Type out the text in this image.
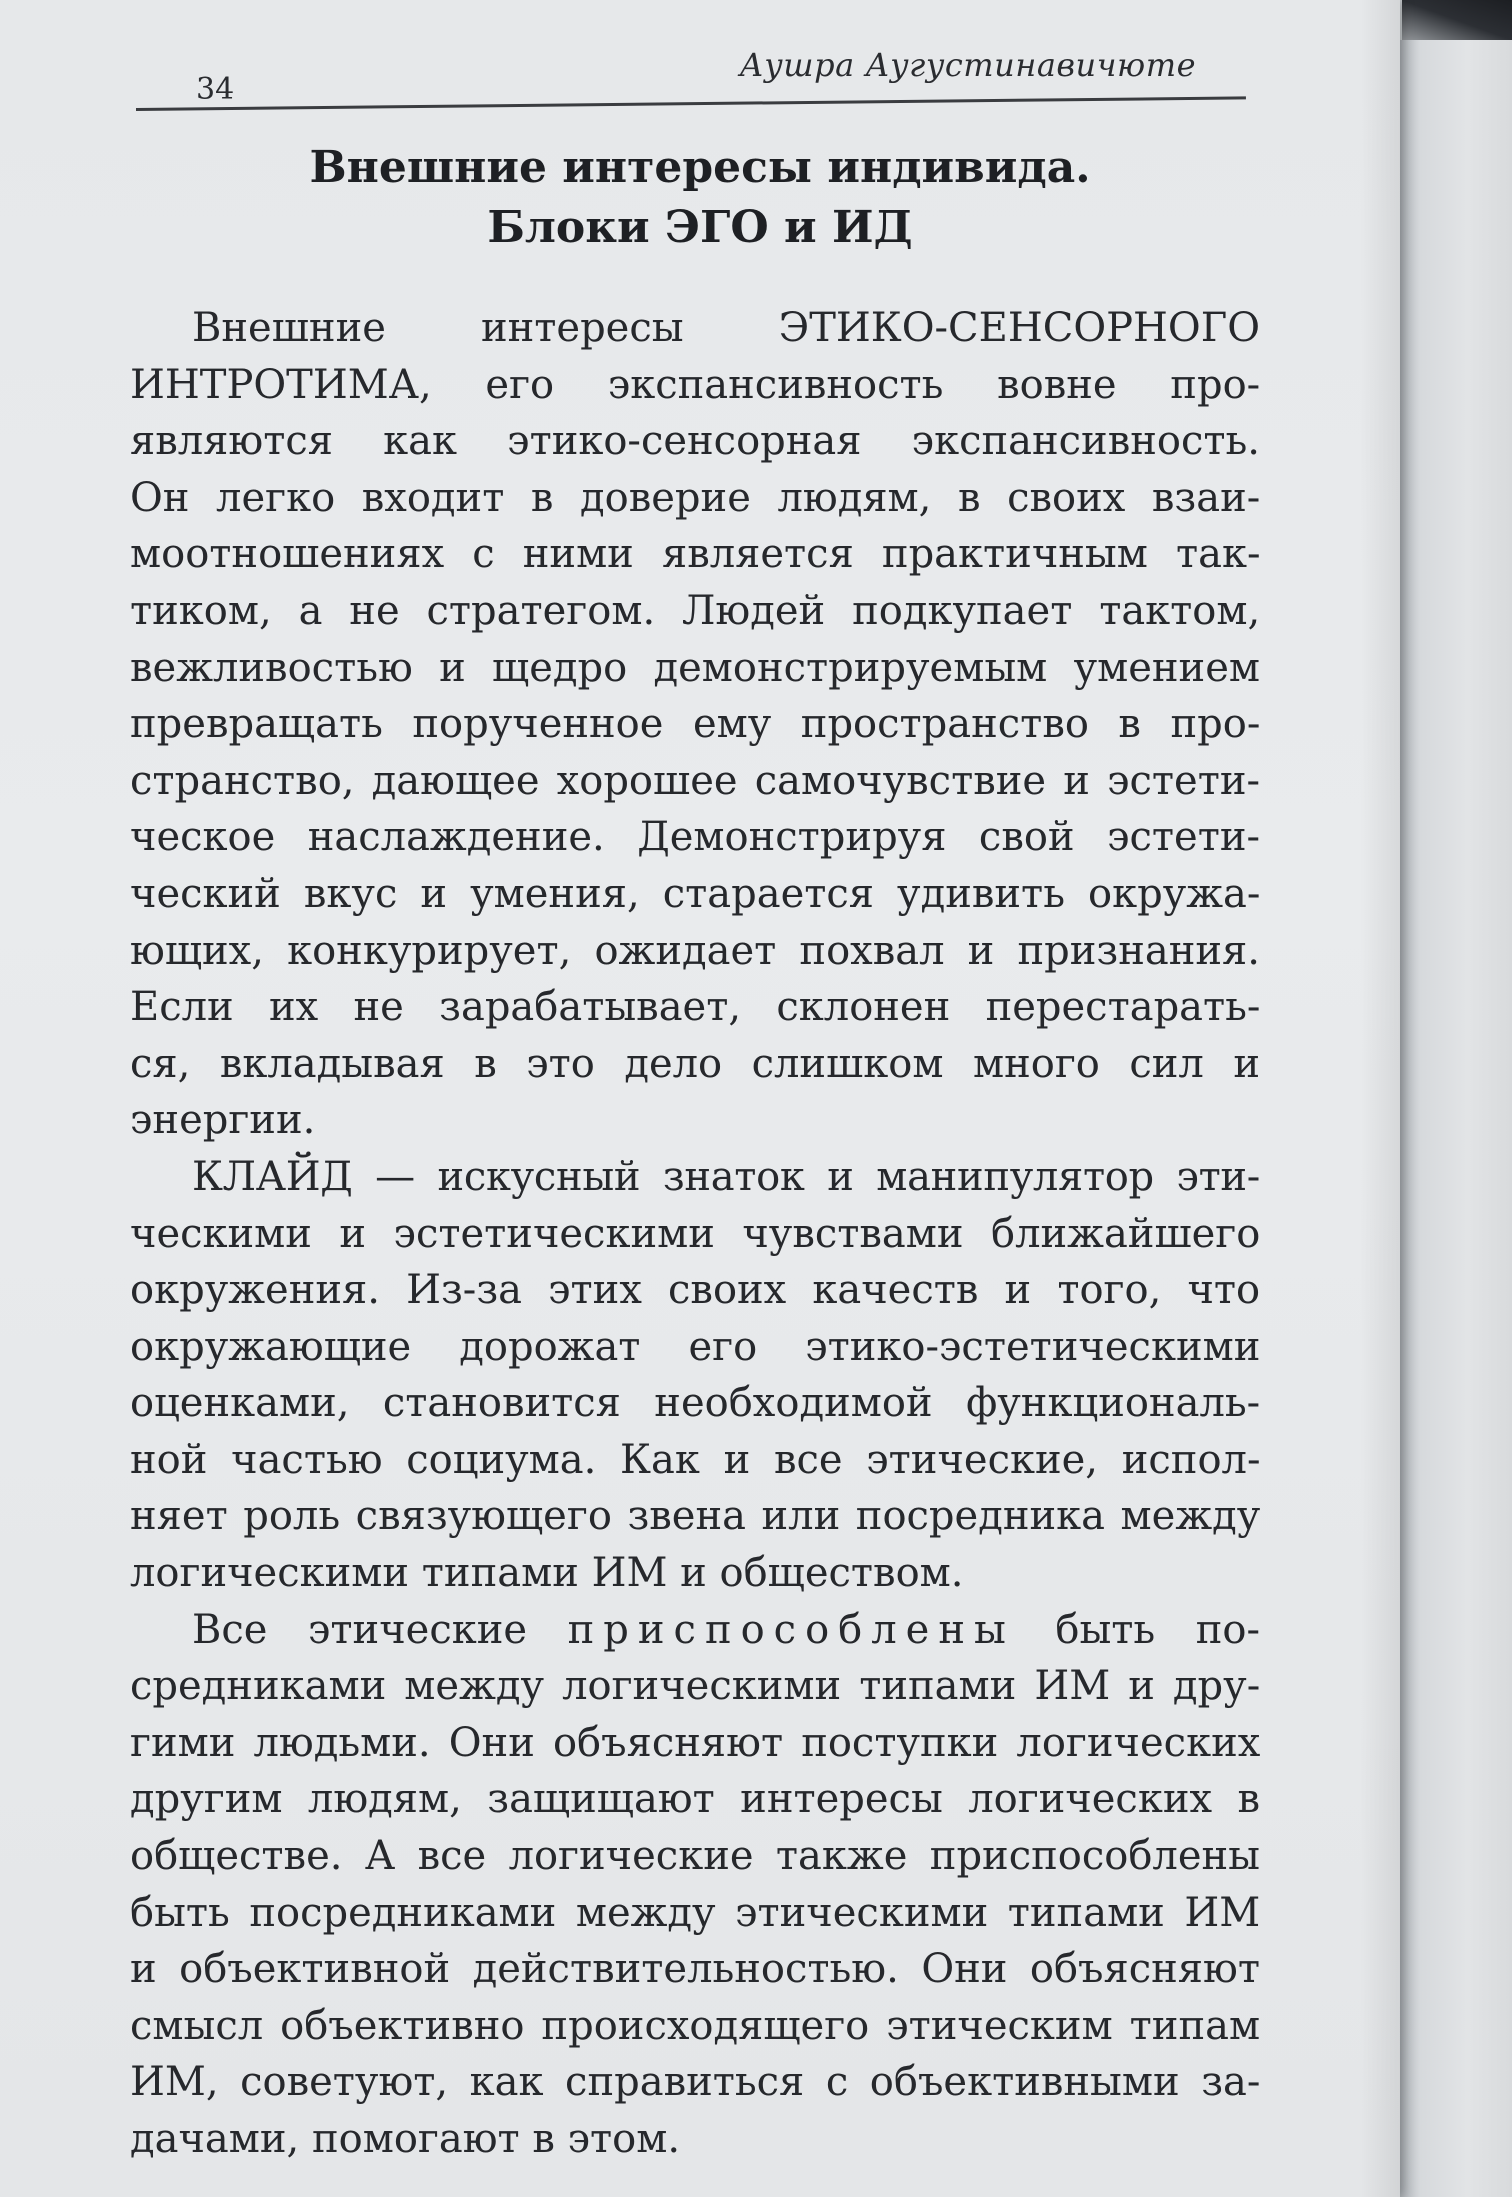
34
Аушра Аугустинавичюте
Внешние интересы индивида.
Блоки ЭГО и ИД
Внешние интересы ЭТИКО-СЕНСОРНОГО
ИНТРОТИМА, его экспансивность вовне про-
являются как этико-сенсорная экспансивность.
Он легко входит в доверие людям, в своих взаи-
моотношениях с ними является практичным так-
тиком, а не стратегом. Людей подкупает тактом,
вежливостью и щедро демонстрируемым умением
превращать порученное ему пространство в про-
странство, дающее хорошее самочувствие и эстети-
ческое наслаждение. Демонстрируя свой эстети-
ческий вкус и умения, старается удивить окружа-
ющих, конкурирует, ожидает похвал и признания.
Если их не зарабатывает, склонен перестарать-
ся, вкладывая в это дело слишком много сил и
энергии.
КЛАЙД — искусный знаток и манипулятор эти-
ческими и эстетическими чувствами ближайшего
окружения. Из-за этих своих качеств и того, что
окружающие дорожат его этико-эстетическими
оценками, становится необходимой функциональ-
ной частью социума. Как и все этические, испол-
няет роль связующего звена или посредника между
логическими типами ИМ и обществом.
Все этические приспособлены быть по-
средниками между логическими типами ИМ и дру-
гими людьми. Они объясняют поступки логических
другим людям, защищают интересы логических в
обществе. А все логические также приспособлены
быть посредниками между этическими типами ИМ
и объективной действительностью. Они объясняют
смысл объективно происходящего этическим типам
ИМ, советуют, как справиться с объективными за-
дачами, помогают в этом.
